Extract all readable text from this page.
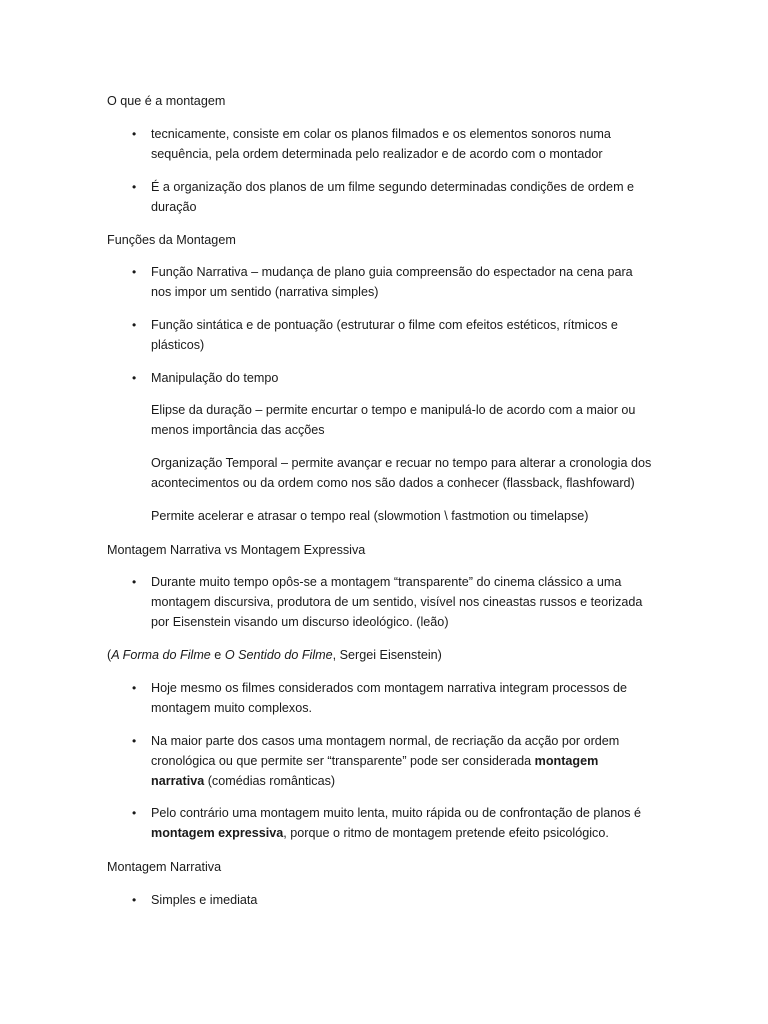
O que é a montagem
• tecnicamente, consiste em colar os planos filmados e os elementos sonoros numa sequência, pela ordem determinada pelo realizador e de acordo com o montador
• É a organização dos planos de um filme segundo determinadas condições de ordem e duração
Funções da Montagem
• Função Narrativa – mudança de plano guia compreensão do espectador na cena para nos impor um sentido (narrativa simples)
• Função sintática e de pontuação (estruturar o filme com efeitos estéticos, rítmicos e plásticos)
• Manipulação do tempo

Elipse da duração – permite encurtar o tempo e manipulá-lo de acordo com a maior ou menos importância das acções

Organização Temporal – permite avançar e recuar no tempo para alterar a cronologia dos acontecimentos ou da ordem como nos são dados a conhecer (flassback, flashfoward)

Permite acelerar e atrasar o tempo real (slowmotion \ fastmotion ou timelapse)

Montagem Narrativa vs Montagem Expressiva
• Durante muito tempo opôs-se a montagem “transparente” do cinema clássico a uma montagem discursiva, produtora de um sentido, visível nos cineastas russos e teorizada por Eisenstein visando um discurso ideológico. (leão)

(A Forma do Filme e O Sentido do Filme, Sergei Eisenstein)

• Hoje mesmo os filmes considerados com montagem narrativa integram processos de montagem muito complexos.
• Na maior parte dos casos uma montagem normal, de recriação da acção por ordem cronológica ou que permite ser “transparente” pode ser considerada montagem narrativa (comédias românticas)
• Pelo contrário uma montagem muito lenta, muito rápida ou de confrontação de planos é montagem expressiva, porque o ritmo de montagem pretende efeito psicológico.
Montagem Narrativa
• Simples e imediata
